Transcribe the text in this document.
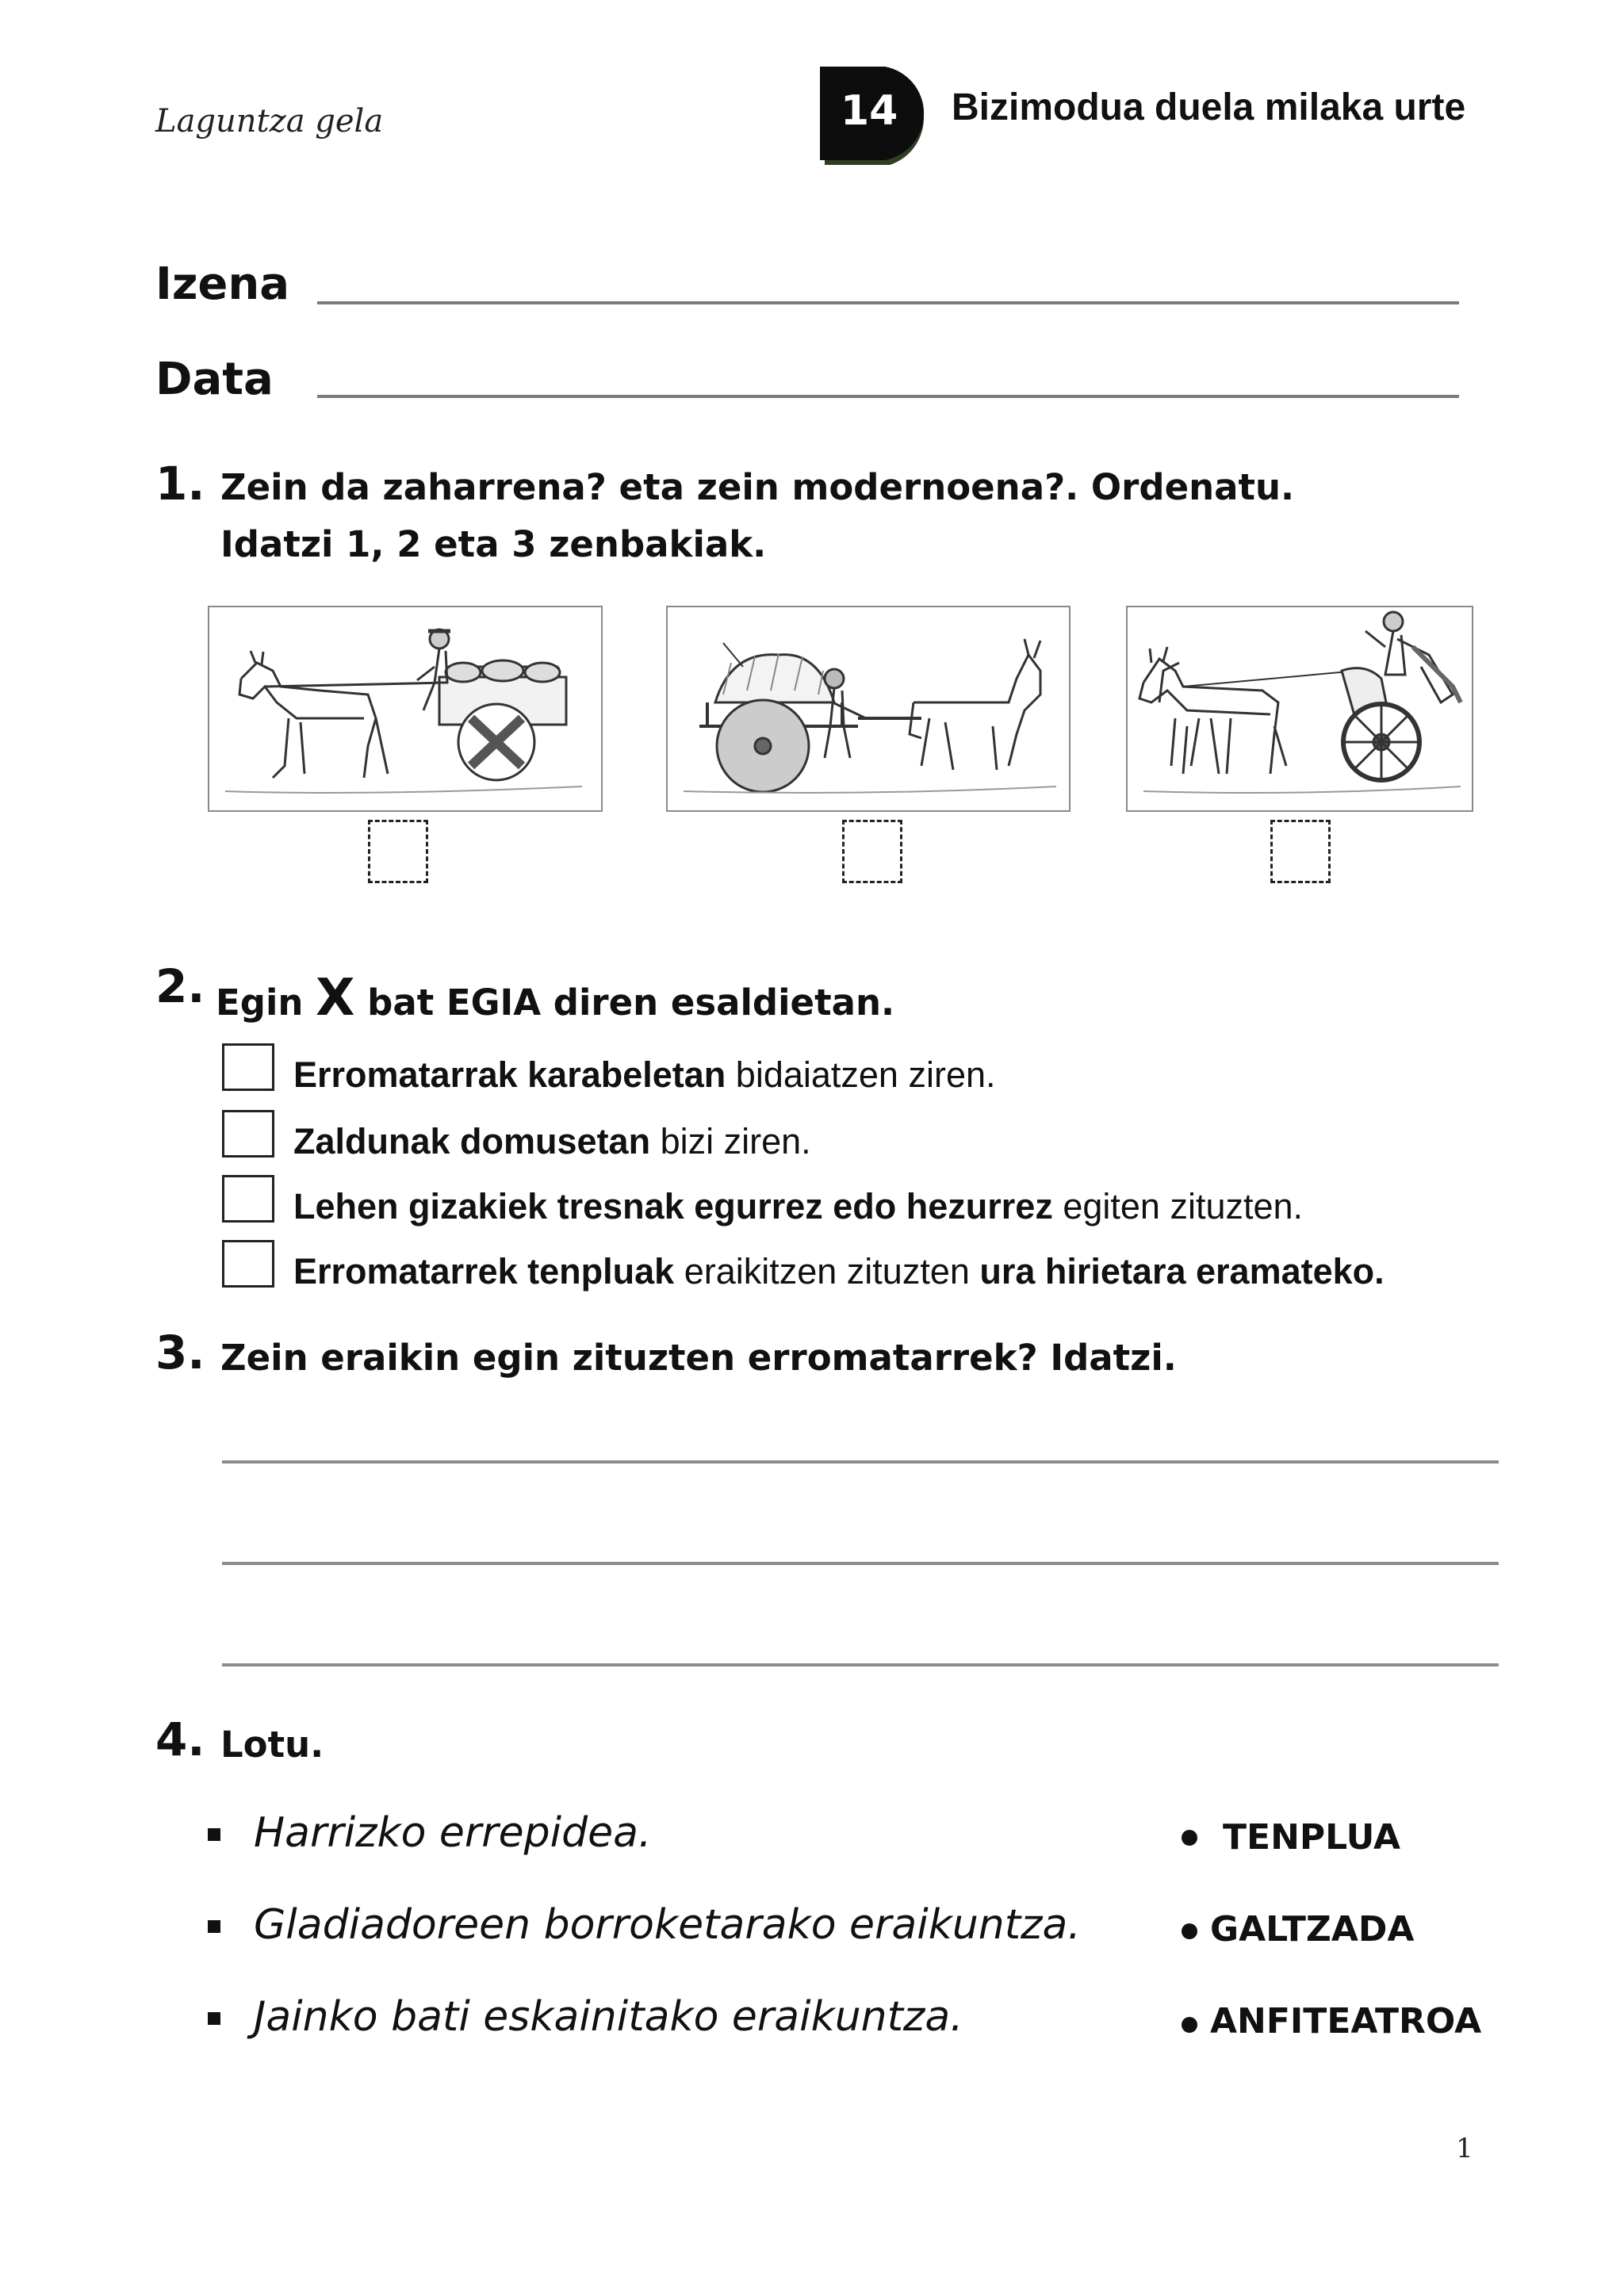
Laguntza gela	14 Bizimodua duela milaka urte
Izena
Data
1. Zein da zaharrena? eta zein modernoena?. Ordenatu.
Idatzi 1, 2 eta 3 zenbakiak.
2. Egin X bat EGIA diren esaldietan.
Erromatarrak karabeletan bidaiatzen ziren.
Zaldunak domusetan bizi ziren.
Lehen gizakiek tresnak egurrez edo hezurrez egiten zituzten.
Erromatarrek tenpluak eraikitzen zituzten ura hirietara eramateko.
3. Zein eraikin egin zituzten erromatarrek? Idatzi.
4. Lotu.
Harrizko errepidea.	TENPLUA
Gladiadoreen borroketarako eraikuntza.	GALTZADA
Jainko bati eskainitako eraikuntza.	ANFITEATROA
1
